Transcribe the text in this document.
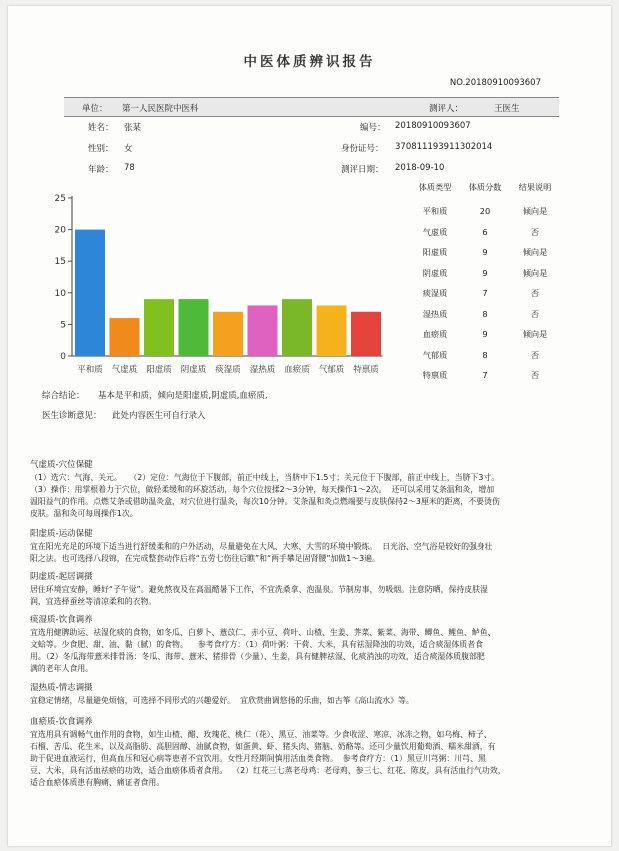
中医体质辨识报告
NO.20180910093607
单位： 第一人民医院中医科	测评人：	王医生
姓名： 张某
性别： 女
年龄： 78
编号： 20180910093607
身份证号： 370811193911302014
测评日期： 2018-09-10
0
5
10
15
20
25
平和质 气虚质 阳虚质 阴虚质 痰湿质 湿热质 血瘀质 气郁质 特禀质
体质类型	体质分数	结果说明
平和质	20	倾向是
气虚质	6	否
阳虚质	9	倾向是
阴虚质	9	倾向是
痰湿质	7	否
湿热质	8	否
血瘀质	9	倾向是
气郁质	8	否
特禀质	7	否
综合结论： 基本是平和质，倾向是阳虚质,阴虚质,血瘀质,
医生诊断意见： 此处内容医生可自行录入
气虚质-穴位保健
（1）选穴：气海、关元。   （2）定位：气海位于下腹部，前正中线上，当脐中下1.5寸；关元位于下腹部，前正中线上，当脐下3寸。
（3）操作：用掌根着力于穴位，做轻柔缓和的环旋活动，每个穴位按揉2～3分钟，每天操作1～2次。  还可以采用艾条温和灸，增加
温阳益气的作用。点燃艾条或借助温灸盒，对穴位进行温灸，每次10分钟。艾条温和灸点燃端要与皮肤保持2～3厘米的距离，不要烫伤
皮肤。温和灸可每周操作1次。
阳虚质-运动保健
宜在阳光充足的环境下适当进行舒缓柔和的户外活动，尽量避免在大风、大寒、大雪的环境中锻炼。  日光浴、空气浴是较好的强身壮
阳之法。也可选择八段锦，在完成整套动作后将“五劳七伤往后瞧”和“两手攀足固肾腰”加做1～3遍。
阴虚质-起居调摄
居住环境宜安静，睡好“子午觉”。避免熬夜及在高温酷暑下工作，不宜洗桑拿、泡温泉。节制房事，勿吸烟。注意防晒，保持皮肤湿
润，宜选择蚕丝等清凉柔和的衣物。
痰湿质-饮食调养
宜选用健脾助运、祛湿化痰的食物，如冬瓜、白萝卜、薏苡仁、赤小豆、荷叶、山楂、生姜、荠菜、紫菜、海带、鲫鱼、鲤鱼、鲈鱼、
文蛤等。少食肥、甜、油、黏（腻）的食物。    参考食疗方：（1）荷叶粥：干荷、大米，具有祛湿降浊的功效，适合痰湿体质者食
用。（2）冬瓜海带薏米排骨汤：冬瓜、海带、薏米、猪排骨（少量）、生姜，具有健脾祛湿、化痰消浊的功效，适合痰湿体质腹部肥
满的老年人食用。
湿热质-情志调摄
宜稳定情绪，尽量避免烦恼，可选择不同形式的兴趣爱好。  宜欣赏曲调悠扬的乐曲，如古筝《高山流水》等。
血瘀质-饮食调养
宜选用具有调畅气血作用的食物，如生山楂、醋、玫瑰花、桃仁（花）、黑豆、油菜等。少食收涩、寒凉、冰冻之物，如乌梅、柿子、
石榴、苦瓜、花生米，以及高脂肪、高胆固醇、油腻食物，如蛋黄、虾、猪头肉、猪脑、奶酪等。还可少量饮用葡萄酒、糯米甜酒，有
助于促进血液运行，但高血压和冠心病等患者不宜饮用。女性月经期间慎用活血类食物。  参考食疗方：（1）黑豆川芎粥：川芎、黑
豆、大米，具有活血祛瘀的功效，适合血瘀体质者食用。  （2）红花三七蒸老母鸡：老母鸡、参三七、红花、陈皮，具有活血行气功效，
适合血瘀体质患有胸痛、痛证者食用。
